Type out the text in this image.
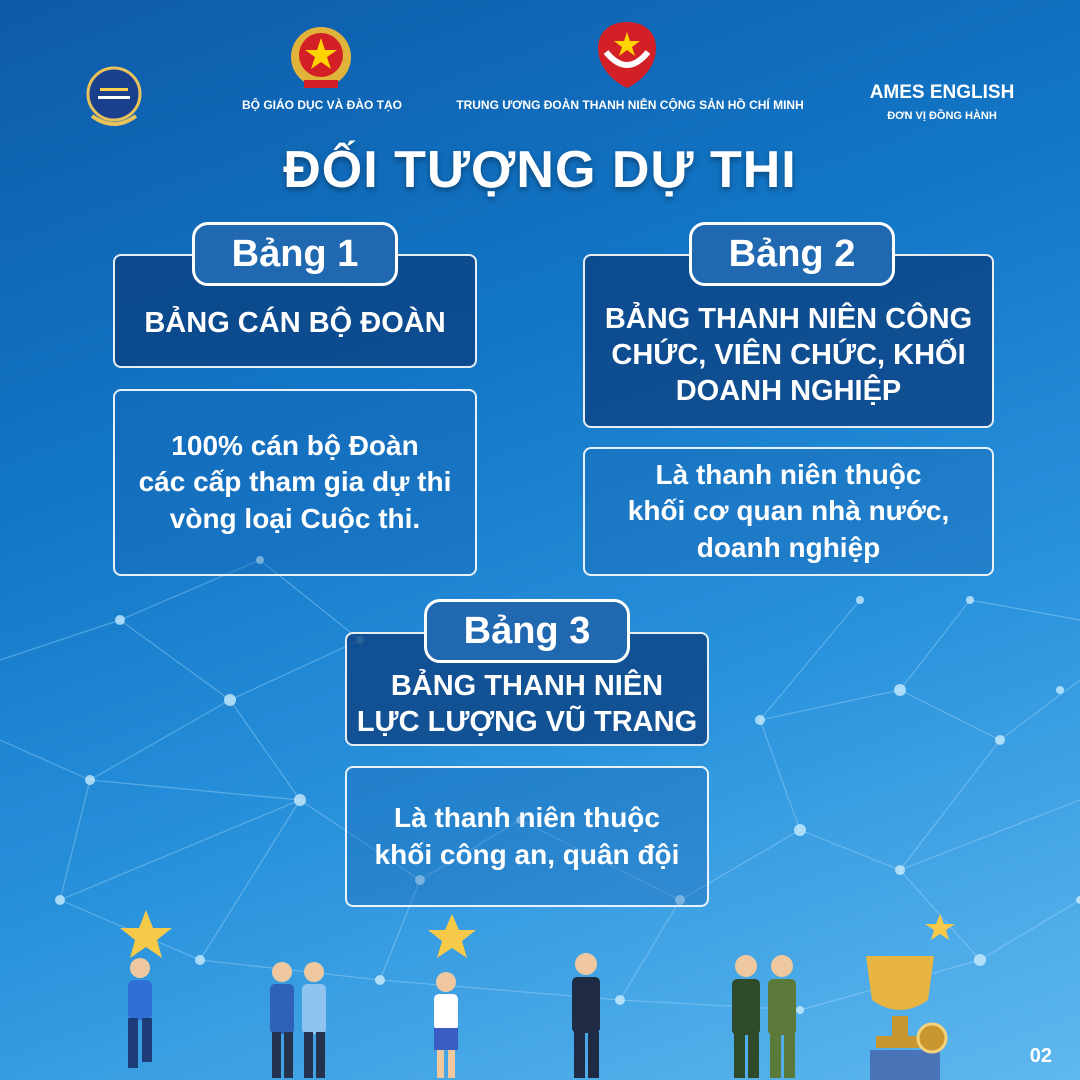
BỘ GIÁO DỤC VÀ ĐÀO TẠO	TRUNG ƯƠNG ĐOÀN THANH NIÊN CỘNG SẢN HỒ CHÍ MINH
AMES ENGLISH
ĐƠN VỊ ĐỒNG HÀNH
ĐỐI TƯỢNG DỰ THI
Bảng 1
BẢNG CÁN BỘ ĐOÀN
100% cán bộ Đoàn
các cấp tham gia dự thi
vòng loại Cuộc thi.
Bảng 2
BẢNG THANH NIÊN CÔNG
CHỨC, VIÊN CHỨC, KHỐI
DOANH NGHIỆP
Là thanh niên thuộc
khối cơ quan nhà nước,
doanh nghiệp
Bảng 3
BẢNG THANH NIÊN
LỰC LƯỢNG VŨ TRANG
Là thanh niên thuộc
khối công an, quân đội
02
